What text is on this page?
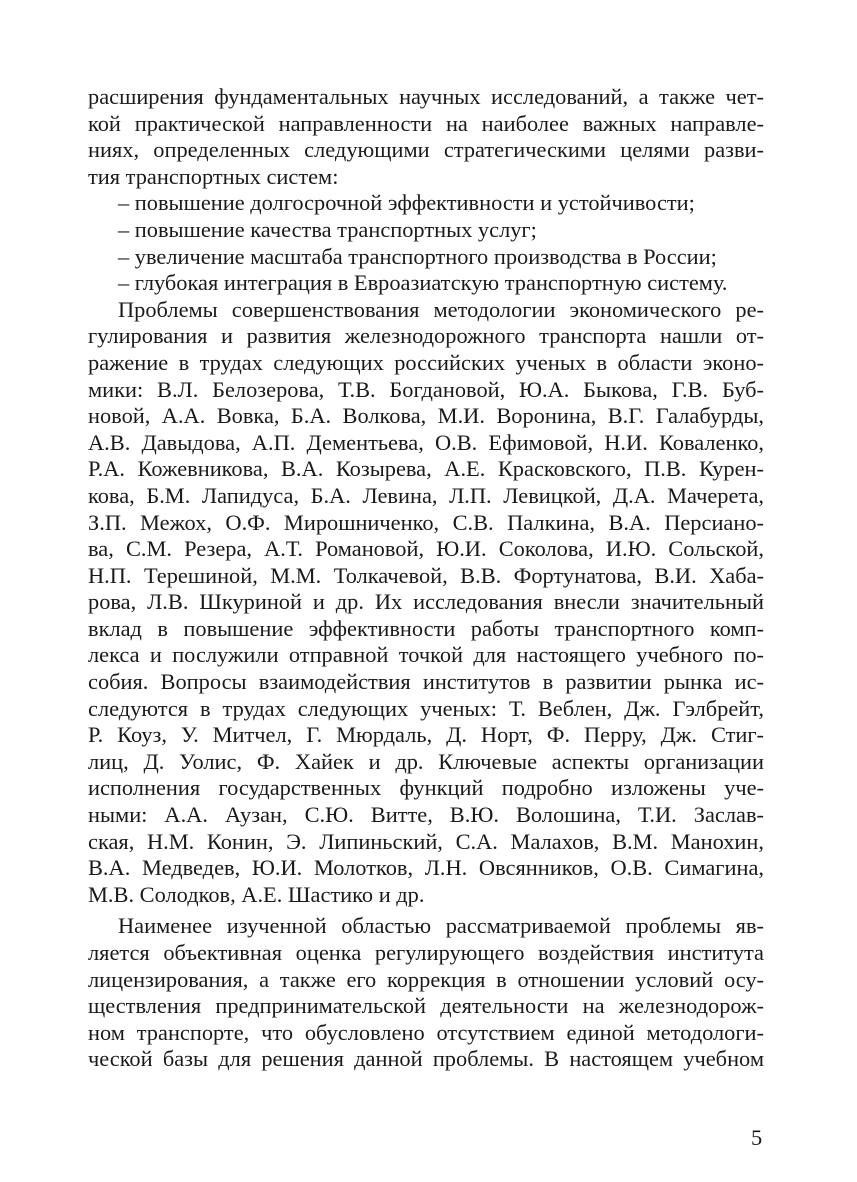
расширения фундаментальных научных исследований, а также чет-
кой практической направленности на наиболее важных направле-
ниях, определенных следующими стратегическими целями разви-
тия транспортных систем:
– повышение долгосрочной эффективности и устойчивости;
– повышение качества транспортных услуг;
– увеличение масштаба транспортного производства в России;
– глубокая интеграция в Евроазиатскую транспортную систему.
Проблемы совершенствования методологии экономического ре-
гулирования и развития железнодорожного транспорта нашли от-
ражение в трудах следующих российских ученых в области эконо-
мики: В.Л. Белозерова, Т.В. Богдановой, Ю.А. Быкова, Г.В. Буб-
новой, А.А. Вовка, Б.А. Волкова, М.И. Воронина, В.Г. Галабурды,
А.В. Давыдова, А.П. Дементьева, О.В. Ефимовой, Н.И. Коваленко,
Р.А. Кожевникова, В.А. Козырева, А.Е. Красковского, П.В. Курен-
кова, Б.М. Лапидуса, Б.А. Левина, Л.П. Левицкой, Д.А. Мачерета,
З.П. Межох, О.Ф. Мирошниченко, С.В. Палкина, В.А. Персиано-
ва, С.М. Резера, А.Т. Романовой, Ю.И. Соколова, И.Ю. Сольской,
Н.П. Терешиной, М.М. Толкачевой, В.В. Фортунатова, В.И. Хаба-
рова, Л.В. Шкуриной и др. Их исследования внесли значительный
вклад в повышение эффективности работы транспортного комп-
лекса и послужили отправной точкой для настоящего учебного по-
собия. Вопросы взаимодействия институтов в развитии рынка ис-
следуются в трудах следующих ученых: Т. Веблен, Дж. Гэлбрейт,
Р. Коуз, У. Митчел, Г. Мюрдаль, Д. Норт, Ф. Перру, Дж. Стиг-
лиц, Д. Уолис, Ф. Хайек и др. Ключевые аспекты организации
исполнения государственных функций подробно изложены уче-
ными: А.А. Аузан, С.Ю. Витте, В.Ю. Волошина, Т.И. Заслав-
ская, Н.М. Конин, Э. Липиньский, С.А. Малахов, В.М. Манохин,
В.А. Медведев, Ю.И. Молотков, Л.Н. Овсянников, О.В. Симагина,
М.В. Солодков, А.Е. Шастико и др.
Наименее изученной областью рассматриваемой проблемы яв-
ляется объективная оценка регулирующего воздействия института
лицензирования, а также его коррекция в отношении условий осу-
ществления предпринимательской деятельности на железнодорож-
ном транспорте, что обусловлено отсутствием единой методологи-
ческой базы для решения данной проблемы. В настоящем учебном
5
